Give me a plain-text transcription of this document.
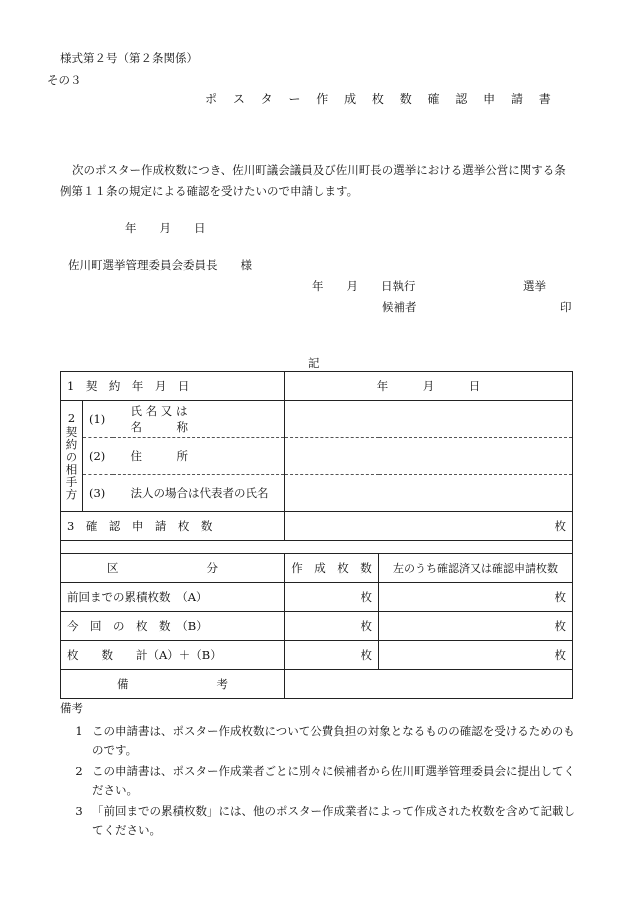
様式第２号（第２条関係）
その３
ポ ス タ ー 作 成 枚 数 確 認 申 請 書
次のポスター作成枚数につき、佐川町議会議員及び佐川町長の選挙における選挙公営に関する条例第１１条の規定による確認を受けたいので申請します。
年　　月　　日
佐川町選挙管理委員会委員長　　様
年　　月　　日執行	選挙
候補者	印
記
1　契　約　年　月　日			年　　　月　　　日	
2契約の相手方	(1)	氏 名 又 は
名　　　称		

	(2)	住　　　所		
	(3)	法人の場合は代表者の氏名		
3　確　認　申　請　枚　数			枚	

区 分			作　成　枚　数	左のうち確認済又は確認申請枚数
前回までの累積枚数　（A）			枚	枚
今　回　の　枚　数　（B）			枚	枚
枚　　数　　計（A）＋（B）			枚	枚

備 考				

備考
1 この申請書は、ポスター作成枚数について公費負担の対象となるものの確認を受けるためのものです。
2 この申請書は、ポスター作成業者ごとに別々に候補者から佐川町選挙管理委員会に提出してください。
3 「前回までの累積枚数」には、他のポスター作成業者によって作成された枚数を含めて記載してください。
